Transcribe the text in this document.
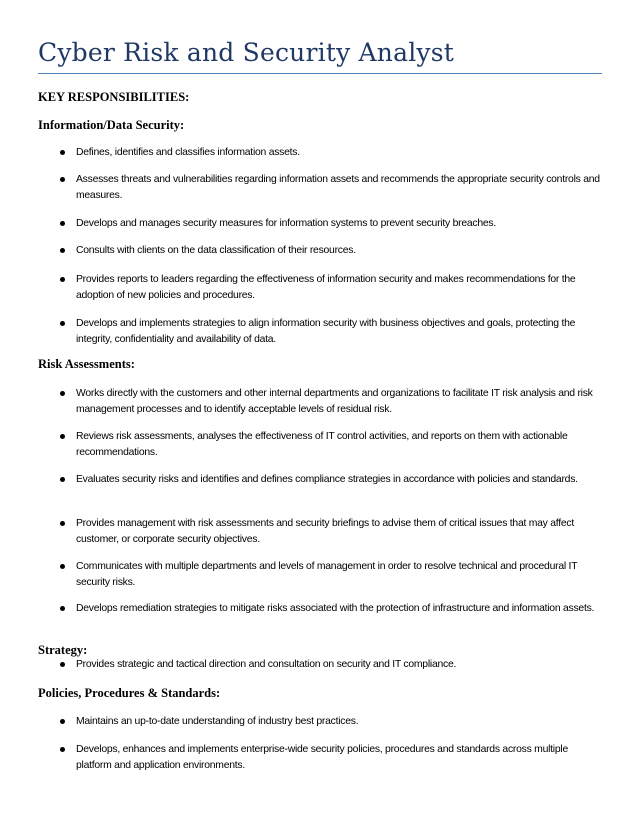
Cyber Risk and Security Analyst
KEY RESPONSIBILITIES:
Information/Data Security:
Defines, identifies and classifies information assets.
Assesses threats and vulnerabilities regarding information assets and recommends the appropriate security controls and measures.
Develops and manages security measures for information systems to prevent security breaches.
Consults with clients on the data classification of their resources.
Provides reports to leaders regarding the effectiveness of information security and makes recommendations for the adoption of new policies and procedures.
Develops and implements strategies to align information security with business objectives and goals, protecting the integrity, confidentiality and availability of data.
Risk Assessments:
Works directly with the customers and other internal departments and organizations to facilitate IT risk analysis and risk management processes and to identify acceptable levels of residual risk.
Reviews risk assessments, analyses the effectiveness of IT control activities, and reports on them with actionable recommendations.
Evaluates security risks and identifies and defines compliance strategies in accordance with policies and standards.
Provides management with risk assessments and security briefings to advise them of critical issues that may affect customer, or corporate security objectives.
Communicates with multiple departments and levels of management in order to resolve technical and procedural IT security risks.
Develops remediation strategies to mitigate risks associated with the protection of infrastructure and information assets.
Strategy:
Provides strategic and tactical direction and consultation on security and IT compliance.
Policies, Procedures & Standards:
Maintains an up-to-date understanding of industry best practices.
Develops, enhances and implements enterprise-wide security policies, procedures and standards across multiple platform and application environments.
